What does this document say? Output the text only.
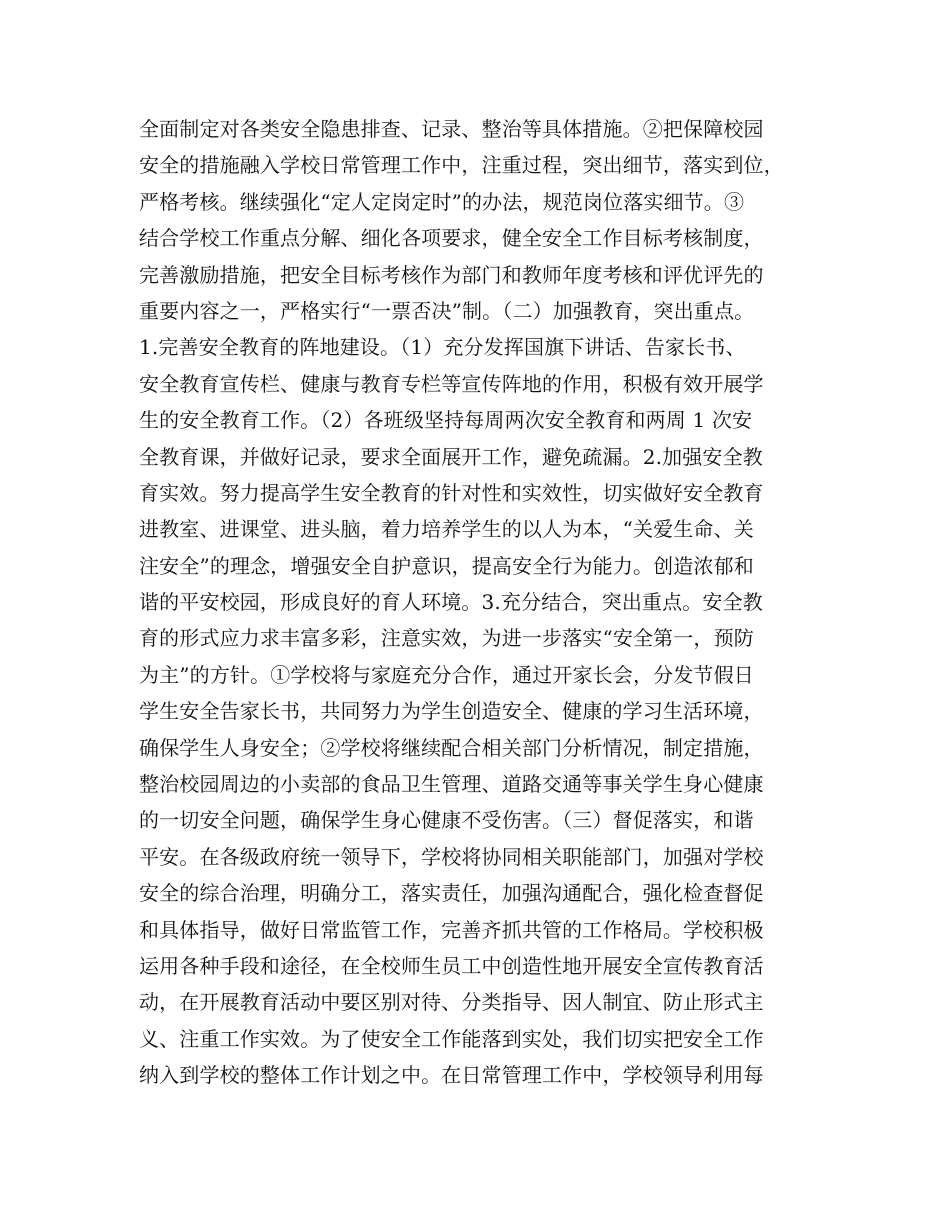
全面制定对各类安全隐患排查、记录、整治等具体措施。②把保障校园
安全的措施融入学校日常管理工作中，注重过程，突出细节，落实到位，
严格考核。继续强化“定人定岗定时”的办法，规范岗位落实细节。③
结合学校工作重点分解、细化各项要求，健全安全工作目标考核制度，
完善激励措施，把安全目标考核作为部门和教师年度考核和评优评先的
重要内容之一，严格实行“一票否决”制。（二）加强教育，突出重点。
1.完善安全教育的阵地建设。（1）充分发挥国旗下讲话、告家长书、
安全教育宣传栏、健康与教育专栏等宣传阵地的作用，积极有效开展学
生的安全教育工作。（2）各班级坚持每周两次安全教育和两周 1 次安
全教育课，并做好记录，要求全面展开工作，避免疏漏。2.加强安全教
育实效。努力提高学生安全教育的针对性和实效性，切实做好安全教育
进教室、进课堂、进头脑，着力培养学生的以人为本，“关爱生命、关
注安全”的理念，增强安全自护意识，提高安全行为能力。创造浓郁和
谐的平安校园，形成良好的育人环境。3.充分结合，突出重点。安全教
育的形式应力求丰富多彩，注意实效，为进一步落实“安全第一，预防
为主”的方针。①学校将与家庭充分合作，通过开家长会，分发节假日
学生安全告家长书，共同努力为学生创造安全、健康的学习生活环境，
确保学生人身安全；②学校将继续配合相关部门分析情况，制定措施，
整治校园周边的小卖部的食品卫生管理、道路交通等事关学生身心健康
的一切安全问题，确保学生身心健康不受伤害。（三）督促落实，和谐
平安。在各级政府统一领导下，学校将协同相关职能部门，加强对学校
安全的综合治理，明确分工，落实责任，加强沟通配合，强化检查督促
和具体指导，做好日常监管工作，完善齐抓共管的工作格局。学校积极
运用各种手段和途径，在全校师生员工中创造性地开展安全宣传教育活
动，在开展教育活动中要区别对待、分类指导、因人制宜、防止形式主
义、注重工作实效。为了使安全工作能落到实处，我们切实把安全工作
纳入到学校的整体工作计划之中。在日常管理工作中，学校领导利用每
